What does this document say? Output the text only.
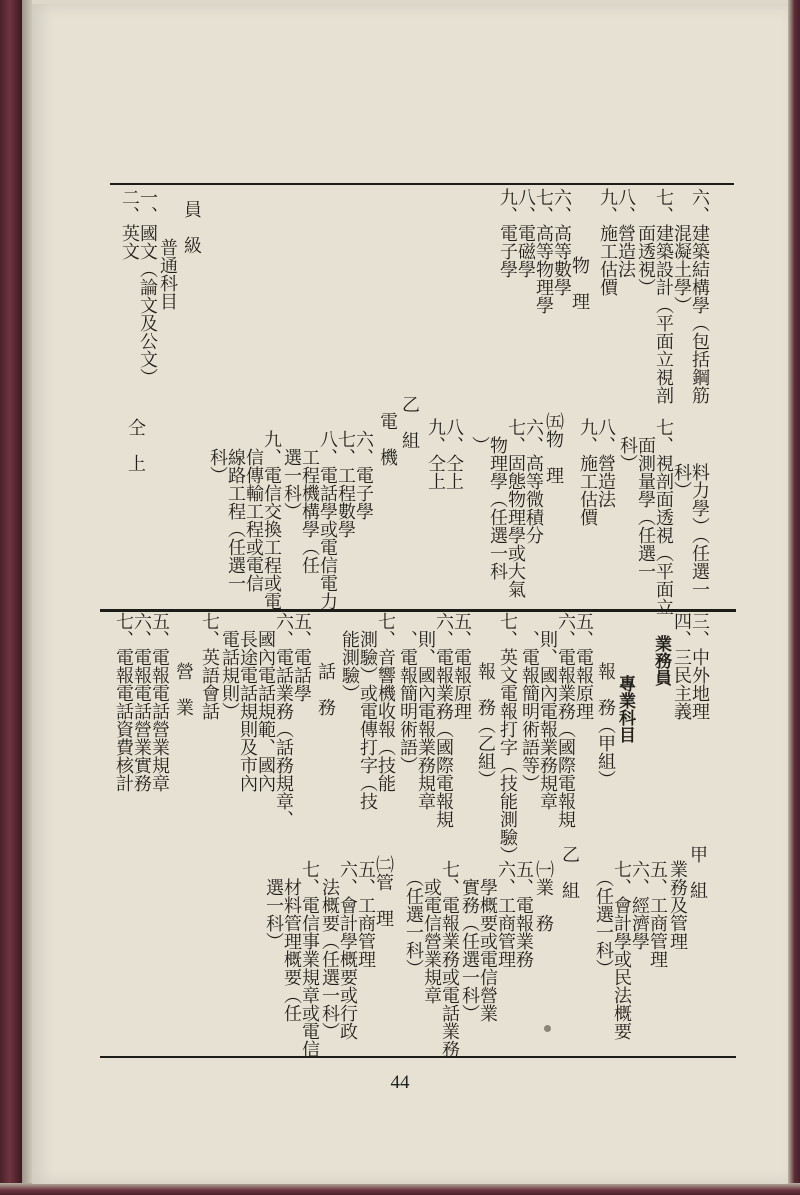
六、建築結構學（包括鋼筋
　　混凝土學）
七、建築設計（平面立視剖
　　面透視）
八、營造法
九、施工估價
　　物　理
六、高等數學
七、高等物理學
八、電磁學
九、電子學
員　級
普通科目
一、國文（論文及公文）
二、英文
　料力學）（任選一
　科）
七、視剖面透視（平面立
　面測量學（任選一
　科）
八、營造法
九、施工估價
㈤物　理
六、高等微積分
七、固態物理學或大氣
　物理學（任選一科
　）
八、仝上
九、仝上
乙　組
電　機
六、電子學
七、工程數學
八、電話學或電信電力
　工程機構學（任
　選一科）
九、電信交換工程或電
　信傳輸工程或電信
　線路工程（任選一
　科）
仝　上
三、中外地理
四、三民主義
業務員
專業科目
報　務（甲組）
五、電報原理
六、電報業務（國際電報規
　則、國內電報業務規章
　、電報簡明術語等）
七、英文電報打字（技能測驗）
報　務（乙組）
五、電報原理
六、電報業務（國際電報規
　則、國內電報業務規章
　、電報簡明術語）
七、音響機收報（技能
　測驗）或電傳打字（技
　能測驗）
話　務
五、電話學
六、電話業務（話務規章、
　國內電話規範、國內
　長途電話規則及市內
　電話規則）
七、英語會話
營　業
五、電報電話營業規章
六、電報電話營業實務
七、電報電話資費核計
甲　組
業務及管理
五、工商管理
六、經濟學
七、會計學或民法概要
　（任選一科）
乙　組
㈠業　務
五、電報業務
六、工商管理
　學概要或電信營業
　實務（任選一科）
七、電報業務或電話業務
　或電信營業規章
　（任選一科）
㈡管　理
五、工商管理
六、會計學概要或行政
　法概要（任選一科）
七、電信事業規章或電信
　材料管理概要（任
　選一科）
44
